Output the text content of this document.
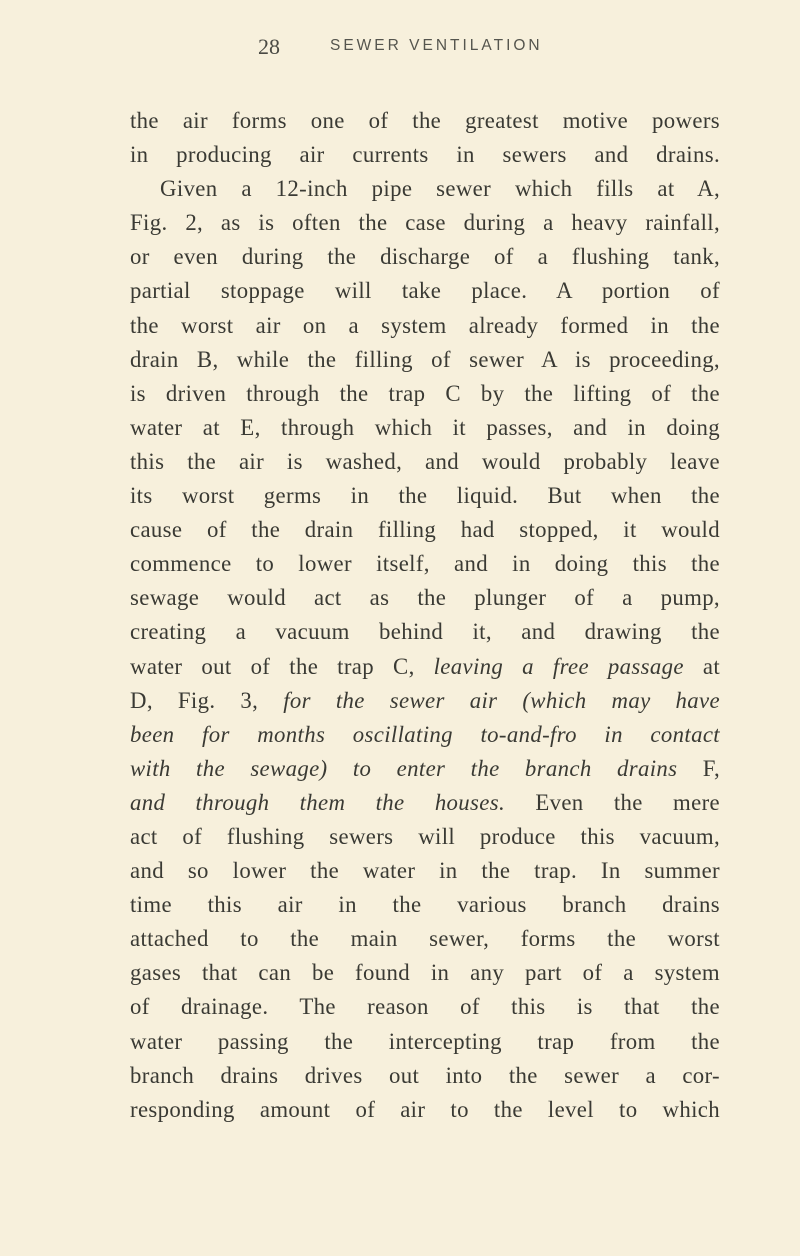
28	SEWER VENTILATION
the air forms one of the greatest motive powers
in producing air currents in sewers and drains.
Given a 12-inch pipe sewer which fills at A,
Fig. 2, as is often the case during a heavy rainfall,
or even during the discharge of a flushing tank,
partial stoppage will take place. A portion of
the worst air on a system already formed in the
drain B, while the filling of sewer A is proceeding,
is driven through the trap C by the lifting of the
water at E, through which it passes, and in doing
this the air is washed, and would probably leave
its worst germs in the liquid. But when the
cause of the drain filling had stopped, it would
commence to lower itself, and in doing this the
sewage would act as the plunger of a pump,
creating a vacuum behind it, and drawing the
water out of the trap C, leaving a free passage at
D, Fig. 3, for the sewer air (which may have
been for months oscillating to-and-fro in contact
with the sewage) to enter the branch drains F,
and through them the houses. Even the mere
act of flushing sewers will produce this vacuum,
and so lower the water in the trap. In summer
time this air in the various branch drains
attached to the main sewer, forms the worst
gases that can be found in any part of a system
of drainage. The reason of this is that the
water passing the intercepting trap from the
branch drains drives out into the sewer a cor-
responding amount of air to the level to which
